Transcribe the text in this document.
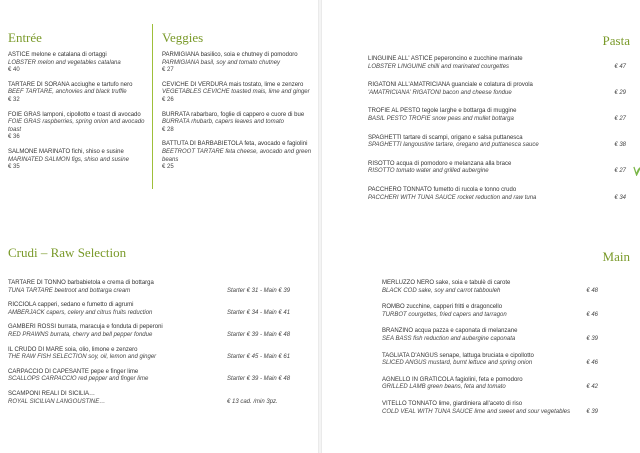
Entrée	Veggies
ASTICE melone e catalana di ortaggi
LOBSTER melon and vegetables catalana
€ 40
TARTARE DI SORANA acciughe e tartufo nero
BEEF TARTARE, anchovies and black truffle
€ 32
FOIE GRAS lamponi, cipollotto e toast di avocado
FOIE GRAS raspberries, spring onion and avocado toast
€ 36
SALMONE MARINATO fichi, shiso e susine
MARINATED SALMON figs, shiso and susine
€ 35
PARMIGIANA basilico, soia e chutney di pomodoro
PARMIGIANA basil, soy and tomato chutney
€ 27
CEVICHE DI VERDURA mais tostato, lime e zenzero
VEGETABLES CEVICHE toasted mais, lime and ginger
€ 26
BURRATA rabarbaro, foglie di cappero e cuore di bue
BURRATA rhubarb, capers leaves and tomato
€ 28
BATTUTA DI BARBABIETOLA feta, avocado e fagiolini
BEETROOT TARTARE feta cheese, avocado and green beans
€ 25
Crudi – Raw Selection
TARTARE DI TONNO barbabietola e crema di bottarga
TUNA TARTARE beetroot and bottarga cream	Starter € 31 - Main € 39
RICCIOLA capperi, sedano e fumetto di agrumi
AMBERJACK capers, celery and citrus fruits reduction	Starter € 34 - Main € 41
GAMBERI ROSSI burrata, maracuja e fonduta di peperoni
RED PRAWNS burrata, cherry and bell pepper fondue	Starter € 39 - Main € 48
IL CRUDO DI MARE soia, olio, limone e zenzero
THE RAW FISH SELECTION soy, oil, lemon and ginger	Starter € 45 - Main € 61
CARPACCIO DI CAPESANTE pepe e finger lime
SCALLOPS CARPACCIO red pepper and finger lime	Starter € 39 - Main € 48
SCAMPONI REALI DI SICILIA…
ROYAL SICILIAN LANGOUSTINE…	€ 13 cad. /min 3pz.
Pasta
LINGUINE ALL' ASTICE peperoncino e zucchine marinate
LOBSTER LINGUINE chilli and marinated courgettes	€ 47
RIGATONI ALL'AMATRICIANA guanciale e colatura di provola
'AMATRICIANA' RIGATONI bacon and cheese fondue	€ 29
TROFIE AL PESTO tegole larghe e bottarga di muggine
BASIL PESTO TROFIE snow peas and mullet bottarga	€ 27
SPAGHETTI tartare di scampi, origano e salsa puttanesca
SPAGHETTI langoustine tartare, oregano and puttanesca sauce	€ 38
RISOTTO acqua di pomodoro e melanzana alla brace
RISOTTO tomato water and grilled aubergine	€ 27
PACCHERO TONNATO fumetto di rucola e tonno crudo
PACCHERI WITH TUNA SAUCE rocket reduction and raw tuna	€ 34
Main
MERLUZZO NERO sake, soia e tabulè di carote
BLACK COD sake, soy and carrot tabbouleh	€ 48
ROMBO zucchine, capperi fritti e dragoncello
TURBOT courgettes, fried capers and tarragon	€ 46
BRANZINO acqua pazza e caponata di melanzane
SEA BASS fish reduction and aubergine caponata	€ 39
TAGLIATA D'ANGUS senape, lattuga bruciata e cipollotto
SLICED ANGUS mustard, burnt lettuce and spring onion	€ 46
AGNELLO IN GRATICOLA fagiolini, feta e pomodoro
GRILLED LAMB green beans, feta and tomato	€ 42
VITELLO TONNATO lime, giardiniera all'aceto di riso
COLD VEAL WITH TUNA SAUCE lime and sweet and sour vegetables	€ 39
